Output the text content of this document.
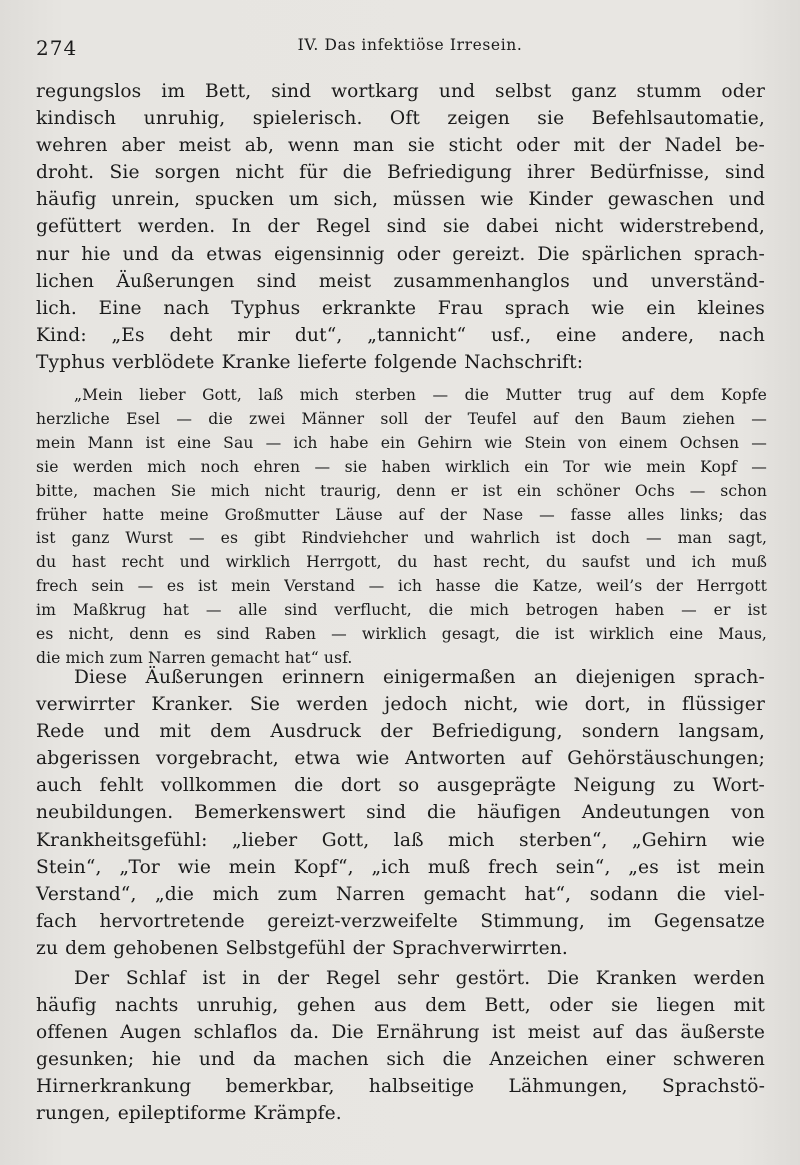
274	IV. Das infektiöse Irresein.
regungslos im Bett, sind wortkarg und selbst ganz stumm oder
kindisch unruhig, spielerisch. Oft zeigen sie Befehlsautomatie,
wehren aber meist ab, wenn man sie sticht oder mit der Nadel be-
droht. Sie sorgen nicht für die Befriedigung ihrer Bedürfnisse, sind
häufig unrein, spucken um sich, müssen wie Kinder gewaschen und
gefüttert werden. In der Regel sind sie dabei nicht widerstrebend,
nur hie und da etwas eigensinnig oder gereizt. Die spärlichen sprach-
lichen Äußerungen sind meist zusammenhanglos und unverständ-
lich. Eine nach Typhus erkrankte Frau sprach wie ein kleines
Kind: „Es deht mir dut“, „tannicht“ usf., eine andere, nach
Typhus verblödete Kranke lieferte folgende Nachschrift:
„Mein lieber Gott, laß mich sterben — die Mutter trug auf dem Kopfe
herzliche Esel — die zwei Männer soll der Teufel auf den Baum ziehen —
mein Mann ist eine Sau — ich habe ein Gehirn wie Stein von einem Ochsen —
sie werden mich noch ehren — sie haben wirklich ein Tor wie mein Kopf —
bitte, machen Sie mich nicht traurig, denn er ist ein schöner Ochs — schon
früher hatte meine Großmutter Läuse auf der Nase — fasse alles links; das
ist ganz Wurst — es gibt Rindviehcher und wahrlich ist doch — man sagt,
du hast recht und wirklich Herrgott, du hast recht, du saufst und ich muß
frech sein — es ist mein Verstand — ich hasse die Katze, weil’s der Herrgott
im Maßkrug hat — alle sind verflucht, die mich betrogen haben — er ist
es nicht, denn es sind Raben — wirklich gesagt, die ist wirklich eine Maus,
die mich zum Narren gemacht hat“ usf.
Diese Äußerungen erinnern einigermaßen an diejenigen sprach-
verwirrter Kranker. Sie werden jedoch nicht, wie dort, in flüssiger
Rede und mit dem Ausdruck der Befriedigung, sondern langsam,
abgerissen vorgebracht, etwa wie Antworten auf Gehörstäuschungen;
auch fehlt vollkommen die dort so ausgeprägte Neigung zu Wort-
neubildungen. Bemerkenswert sind die häufigen Andeutungen von
Krankheitsgefühl: „lieber Gott, laß mich sterben“, „Gehirn wie
Stein“, „Tor wie mein Kopf“, „ich muß frech sein“, „es ist mein
Verstand“, „die mich zum Narren gemacht hat“, sodann die viel-
fach hervortretende gereizt-verzweifelte Stimmung, im Gegensatze
zu dem gehobenen Selbstgefühl der Sprachverwirrten.
Der Schlaf ist in der Regel sehr gestört. Die Kranken werden
häufig nachts unruhig, gehen aus dem Bett, oder sie liegen mit
offenen Augen schlaflos da. Die Ernährung ist meist auf das äußerste
gesunken; hie und da machen sich die Anzeichen einer schweren
Hirnerkrankung bemerkbar, halbseitige Lähmungen, Sprachstö-
rungen, epileptiforme Krämpfe.
